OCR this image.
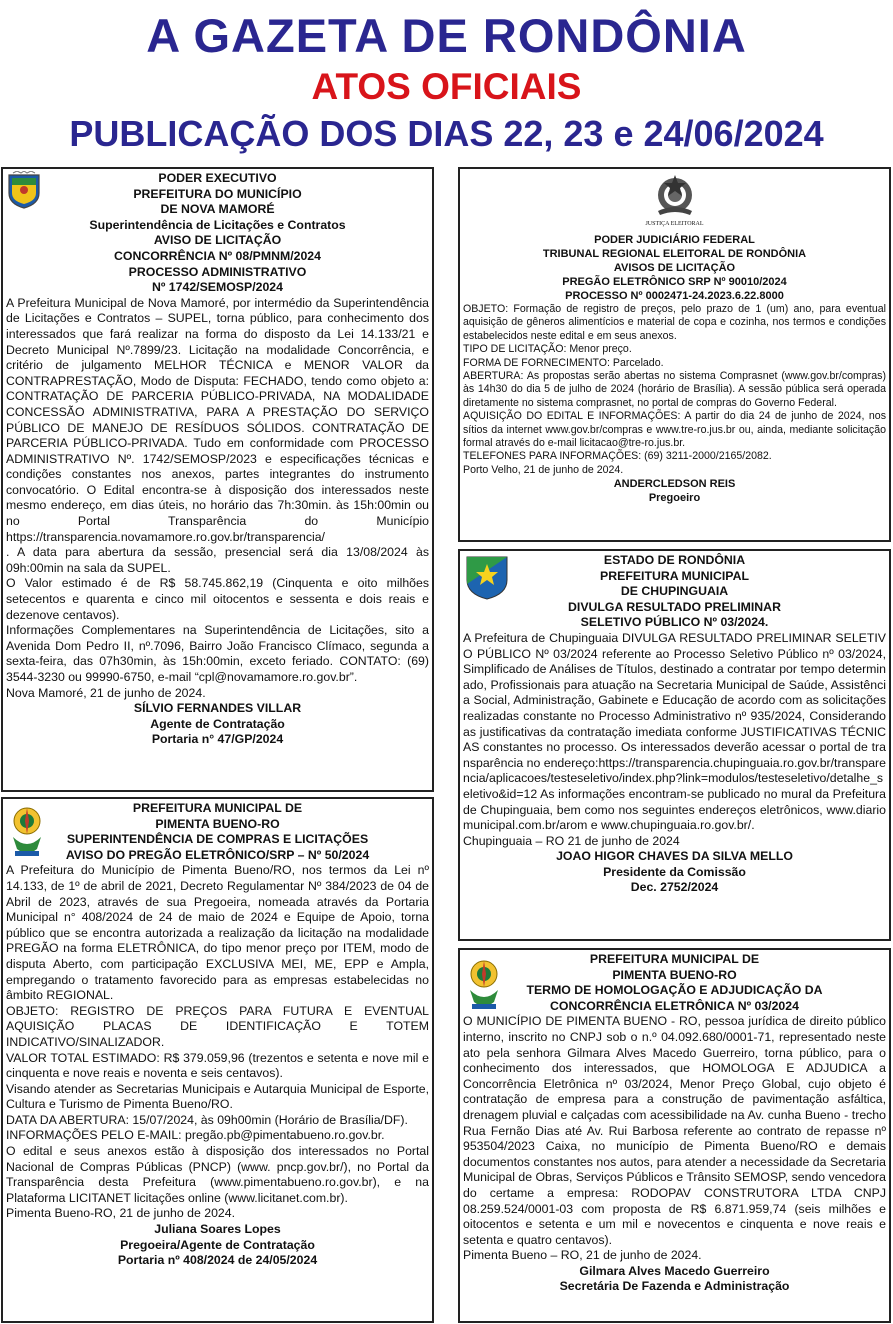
A GAZETA DE RONDÔNIA
ATOS OFICIAIS
PUBLICAÇÃO DOS DIAS 22, 23 e 24/06/2024
PODER EXECUTIVO
PREFEITURA DO MUNICÍPIO
DE NOVA MAMORÉ
Superintendência de Licitações e Contratos
AVISO DE LICITAÇÃO
CONCORRÊNCIA Nº 08/PMNM/2024
PROCESSO ADMINISTRATIVO
Nº 1742/SEMOSP/2024

A Prefeitura Municipal de Nova Mamoré, por intermédio da Superintendência de Licitações e Contratos – SUPEL, torna público, para conhecimento dos interessados que fará realizar na forma do disposto da Lei 14.133/21 e Decreto Municipal Nº.7899/23. Licitação na modalidade Concorrência, e critério de julgamento MELHOR TÉCNICA e MENOR VALOR da CONTRAPRESTAÇÃO, Modo de Disputa: FECHADO, tendo como objeto a: CONTRATAÇÃO DE PARCERIA PÚBLICO-PRIVADA, NA MODALIDADE CONCESSÃO ADMINISTRATIVA, PARA A PRESTAÇÃO DO SERVIÇO PÚBLICO DE MANEJO DE RESÍDUOS SÓLIDOS. CONTRATAÇÃO DE PARCERIA PÚBLICO-PRIVADA. Tudo em conformidade com PROCESSO ADMINISTRATIVO Nº. 1742/SEMOSP/2023 e especificações técnicas e condições constantes nos anexos, partes integrantes do instrumento convocatório. O Edital encontra-se à disposição dos interessados neste mesmo endereço, em dias úteis, no horário das 7h:30min. às 15h:00min ou no Portal Transparência do Município https://transparencia.novamamore.ro.gov.br/transparencia/

. A data para abertura da sessão, presencial será dia 13/08/2024 às 09h:00min na sala da SUPEL.

O Valor estimado é de R$ 58.745.862,19 (Cinquenta e oito milhões setecentos e quarenta e cinco mil oitocentos e sessenta e dois reais e dezenove centavos).

Informações Complementares na Superintendência de Licitações, sito a Avenida Dom Pedro II, nº.7096, Bairro João Francisco Clímaco, segunda a sexta-feira, das 07h30min, às 15h:00min, exceto feriado. CONTATO: (69) 3544-3230 ou 99990-6750, e-mail “cpl@novamamore.ro.gov.br”.

Nova Mamoré, 21 de junho de 2024.

SÍLVIO FERNANDES VILLAR
Agente de Contratação
Portaria n° 47/GP/2024
PREFEITURA MUNICIPAL DE
PIMENTA BUENO-RO
SUPERINTENDÊNCIA DE COMPRAS E LICITAÇÕES
AVISO DO PREGÃO ELETRÔNICO/SRP – Nº 50/2024

A Prefeitura do Município de Pimenta Bueno/RO, nos termos da Lei nº 14.133, de 1º de abril de 2021, Decreto Regulamentar Nº 384/2023 de 04 de Abril de 2023, através de sua Pregoeira, nomeada através da Portaria Municipal n° 408/2024 de 24 de maio de 2024 e Equipe de Apoio, torna público que se encontra autorizada a realização da licitação na modalidade PREGÃO na forma ELETRÔNICA, do tipo menor preço por ITEM, modo de disputa Aberto, com participação EXCLUSIVA MEI, ME, EPP e Ampla, empregando o tratamento favorecido para as empresas estabelecidas no âmbito REGIONAL.

OBJETO: REGISTRO DE PREÇOS PARA FUTURA E EVENTUAL AQUISIÇÃO PLACAS DE IDENTIFICAÇÃO E TOTEM INDICATIVO/SINALIZADOR.

VALOR TOTAL ESTIMADO: R$ 379.059,96 (trezentos e setenta e nove mil e cinquenta e nove reais e noventa e seis centavos).

Visando atender as Secretarias Municipais e Autarquia Municipal de Esporte, Cultura e Turismo de Pimenta Bueno/RO.

DATA DA ABERTURA: 15/07/2024, às 09h00min (Horário de Brasília/DF).

INFORMAÇÕES PELO E-MAIL: pregão.pb@pimentabueno.ro.gov.br.

O edital e seus anexos estão à disposição dos interessados no Portal Nacional de Compras Públicas (PNCP) (www. pncp.gov.br/), no Portal da Transparência desta Prefeitura (www.pimentabueno.ro.gov.br), e na Plataforma LICITANET licitações online (www.licitanet.com.br).

Pimenta Bueno-RO, 21 de junho de 2024.

Juliana Soares Lopes
Pregoeira/Agente de Contratação
Portaria nº 408/2024 de 24/05/2024
JUSTIÇA ELEITORAL
PODER JUDICIÁRIO FEDERAL
TRIBUNAL REGIONAL ELEITORAL DE RONDÔNIA
AVISOS DE LICITAÇÃO
PREGÃO ELETRÔNICO SRP Nº 90010/2024
PROCESSO Nº 0002471-24.2023.6.22.8000

OBJETO: Formação de registro de preços, pelo prazo de 1 (um) ano, para eventual aquisição de gêneros alimentícios e material de copa e cozinha, nos termos e condições estabelecidos neste edital e em seus anexos.

TIPO DE LICITAÇÃO: Menor preço.

FORMA DE FORNECIMENTO: Parcelado.

ABERTURA: As propostas serão abertas no sistema Comprasnet (www.gov.br/compras) às 14h30 do dia 5 de julho de 2024 (horário de Brasília). A sessão pública será operada diretamente no sistema comprasnet, no portal de compras do Governo Federal.

AQUISIÇÃO DO EDITAL E INFORMAÇÕES: A partir do dia 24 de junho de 2024, nos sítios da internet www.gov.br/compras e www.tre-ro.jus.br ou, ainda, mediante solicitação formal através do e-mail licitacao@tre-ro.jus.br.

TELEFONES PARA INFORMAÇÕES: (69) 3211-2000/2165/2082.

Porto Velho, 21 de junho de 2024.

ANDERCLEDSON REIS
Pregoeiro
ESTADO DE RONDÔNIA
PREFEITURA MUNICIPAL
DE CHUPINGUAIA
DIVULGA RESULTADO PRELIMINAR
SELETIVO PÚBLICO Nº 03/2024.

A Prefeitura de Chupinguaia DIVULGA RESULTADO PRELIMINAR SELETIVO PÚBLICO Nº 03/2024 referente ao Processo Seletivo Público nº 03/2024, Simplificado de Análises de Títulos, destinado a contratar por tempo determinado, Profissionais para atuação na Secretaria Municipal de Saúde, Assistência Social, Administração, Gabinete e Educação de acordo com as solicitações realizadas constante no Processo Administrativo nº 935/2024, Considerando as justificativas da contratação imediata conforme JUSTIFICATIVAS TÉCNICAS constantes no processo. Os interessados deverão acessar o portal de transparência no endereço:https://transparencia.chupinguaia.ro.gov.br/transparencia/aplicacoes/testeseletivo/index.php?link=modulos/testeseletivo/detalhe_seletivo&id=12 As informações encontram-se publicado no mural da Prefeitura de Chupinguaia, bem como nos seguintes endereços eletrônicos, www.diariomunicipal.com.br/arom e www.chupinguaia.ro.gov.br/.

Chupinguaia – RO 21 de junho de 2024

JOAO HIGOR CHAVES DA SILVA MELLO
Presidente da Comissão
Dec. 2752/2024
PREFEITURA MUNICIPAL DE
PIMENTA BUENO-RO
TERMO DE HOMOLOGAÇÃO E ADJUDICAÇÃO DA
CONCORRÊNCIA ELETRÔNICA Nº 03/2024

O MUNICÍPIO DE PIMENTA BUENO - RO, pessoa jurídica de direito público interno, inscrito no CNPJ sob o n.º 04.092.680/0001-71, representado neste ato pela senhora Gilmara Alves Macedo Guerreiro, torna público, para o conhecimento dos interessados, que HOMOLOGA E ADJUDICA a Concorrência Eletrônica nº 03/2024, Menor Preço Global, cujo objeto é contratação de empresa para a construção de pavimentação asfáltica, drenagem pluvial e calçadas com acessibilidade na Av. cunha Bueno - trecho Rua Fernão Dias até Av. Rui Barbosa referente ao contrato de repasse nº 953504/2023 Caixa, no município de Pimenta Bueno/RO e demais documentos constantes nos autos, para atender a necessidade da Secretaria Municipal de Obras, Serviços Públicos e Trânsito SEMOSP, sendo vencedora do certame a empresa: RODOPAV CONSTRUTORA LTDA CNPJ 08.259.524/0001-03 com proposta de R$ 6.871.959,74 (seis milhões e oitocentos e setenta e um mil e novecentos e cinquenta e nove reais e setenta e quatro centavos).

Pimenta Bueno – RO, 21 de junho de 2024.

Gilmara Alves Macedo Guerreiro
Secretária De Fazenda e Administração
